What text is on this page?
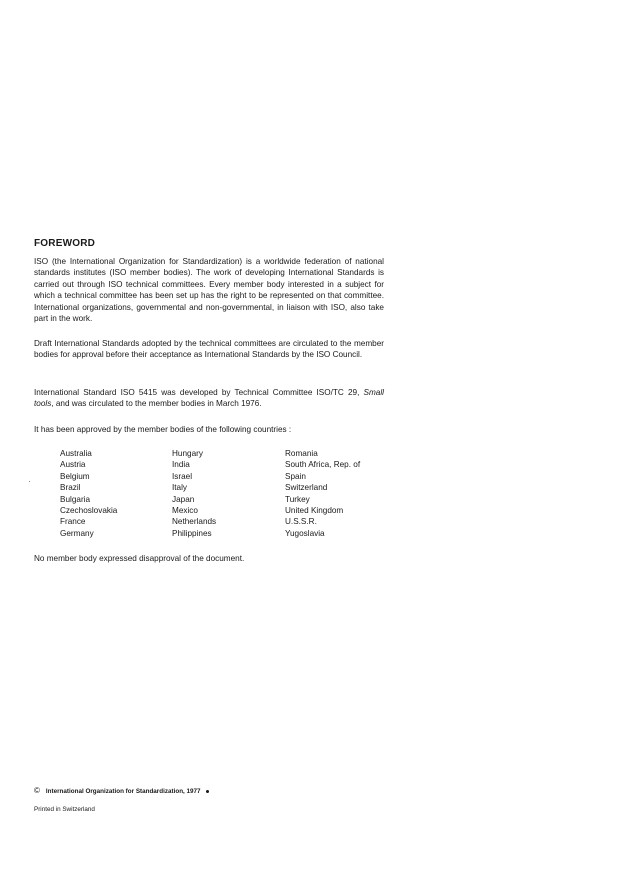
FOREWORD

ISO (the International Organization for Standardization) is a worldwide federation of national standards institutes (ISO member bodies). The work of developing International Standards is carried out through ISO technical committees. Every member body interested in a subject for which a technical committee has been set up has the right to be represented on that committee. International organizations, governmental and non-governmental, in liaison with ISO, also take part in the work.

Draft International Standards adopted by the technical committees are circulated to the member bodies for approval before their acceptance as International Standards by the ISO Council.

International Standard ISO 5415 was developed by Technical Committee ISO/TC 29, Small tools, and was circulated to the member bodies in March 1976.

It has been approved by the member bodies of the following countries :

Australia
Austria
Belgium
Brazil
Bulgaria
Czechoslovakia
France
Germany
Hungary
India
Israel
Italy
Japan
Mexico
Netherlands
Philippines
Romania
South Africa, Rep. of
Spain
Switzerland
Turkey
United Kingdom
U.S.S.R.
Yugoslavia

No member body expressed disapproval of the document.

© International Organization for Standardization, 1977
Printed in Switzerland
